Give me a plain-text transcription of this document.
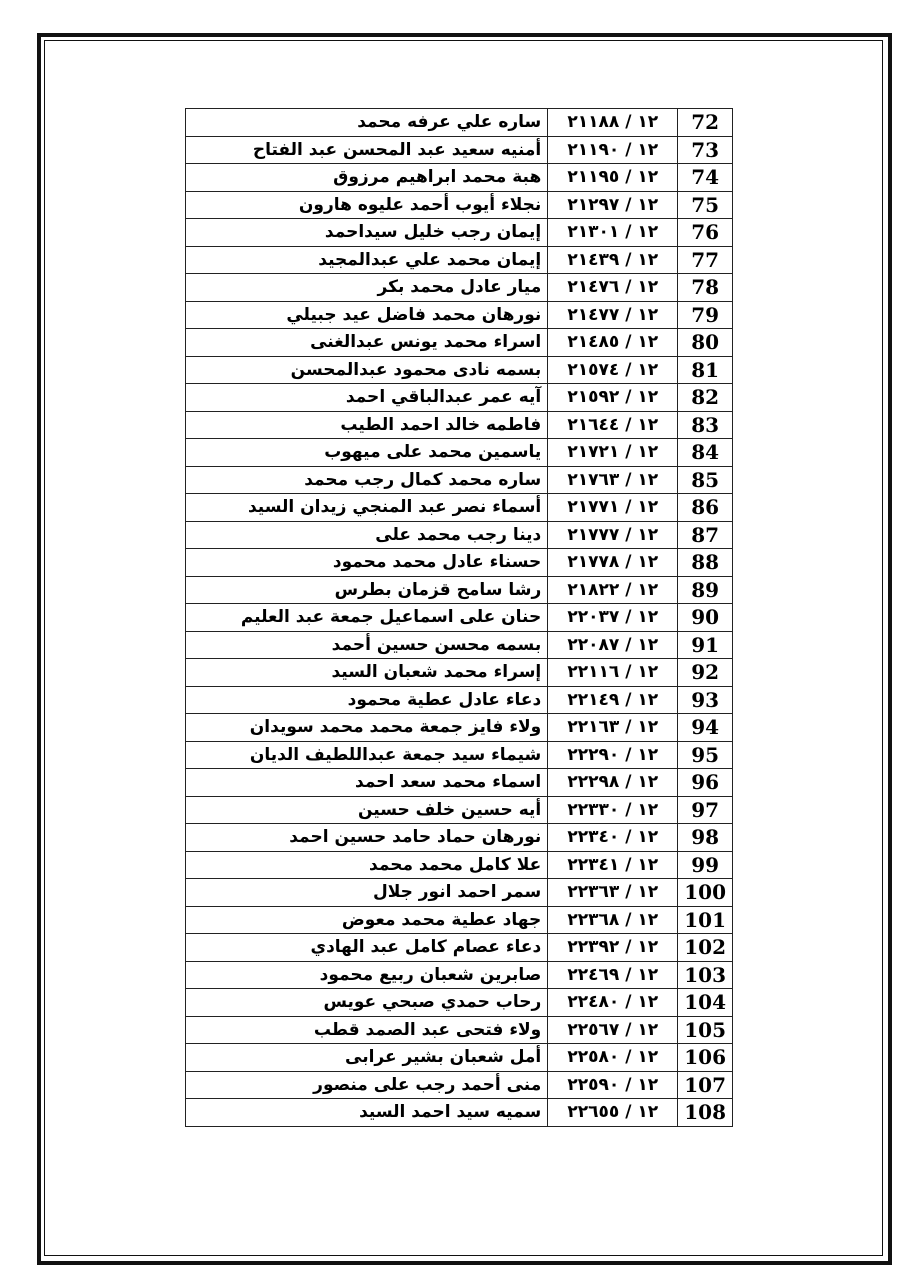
72	١٢ / ٢١١٨٨	ساره علي عرفه محمد
73	١٢ / ٢١١٩٠	أمنيه سعيد عبد المحسن عبد الفتاح
74	١٢ / ٢١١٩٥	هبة محمد ابراهيم مرزوق
75	١٢ / ٢١٢٩٧	نجلاء أيوب أحمد عليوه هارون
76	١٢ / ٢١٣٠١	إيمان رجب خليل سيداحمد
77	١٢ / ٢١٤٣٩	إيمان محمد علي عبدالمجيد
78	١٢ / ٢١٤٧٦	ميار عادل محمد بكر
79	١٢ / ٢١٤٧٧	نورهان محمد فاضل عيد جبيلي
80	١٢ / ٢١٤٨٥	اسراء محمد يونس عبدالغنى
81	١٢ / ٢١٥٧٤	بسمه نادى محمود عبدالمحسن
82	١٢ / ٢١٥٩٢	آيه عمر عبدالباقي احمد
83	١٢ / ٢١٦٤٤	فاطمه خالد احمد الطيب
84	١٢ / ٢١٧٢١	ياسمين محمد على ميهوب
85	١٢ / ٢١٧٦٣	ساره محمد كمال رجب محمد
86	١٢ / ٢١٧٧١	أسماء نصر عبد المنجي زيدان السيد
87	١٢ / ٢١٧٧٧	دينا رجب محمد على
88	١٢ / ٢١٧٧٨	حسناء عادل محمد محمود
89	١٢ / ٢١٨٢٢	رشا سامح قزمان بطرس
90	١٢ / ٢٢٠٣٧	حنان على اسماعيل جمعة عبد العليم
91	١٢ / ٢٢٠٨٧	بسمه محسن حسين أحمد
92	١٢ / ٢٢١١٦	إسراء محمد شعبان السيد
93	١٢ / ٢٢١٤٩	دعاء عادل عطية محمود
94	١٢ / ٢٢١٦٣	ولاء فايز جمعة محمد محمد سويدان
95	١٢ / ٢٢٢٩٠	شيماء سيد جمعة عبداللطيف الديان
96	١٢ / ٢٢٢٩٨	اسماء محمد سعد احمد
97	١٢ / ٢٢٣٣٠	أيه حسين خلف حسين
98	١٢ / ٢٢٣٤٠	نورهان حماد حامد حسين احمد
99	١٢ / ٢٢٣٤١	علا كامل محمد محمد
100	١٢ / ٢٢٣٦٣	سمر احمد انور جلال
101	١٢ / ٢٢٣٦٨	جهاد عطية محمد معوض
102	١٢ / ٢٢٣٩٢	دعاء عصام كامل عبد الهادي
103	١٢ / ٢٢٤٦٩	صابرين شعبان ربيع محمود
104	١٢ / ٢٢٤٨٠	رحاب حمدي صبحي عويس
105	١٢ / ٢٢٥٦٧	ولاء فتحى عبد الصمد قطب
106	١٢ / ٢٢٥٨٠	أمل شعبان بشير عرابى
107	١٢ / ٢٢٥٩٠	منى أحمد رجب على منصور
108	١٢ / ٢٢٦٥٥	سميه سيد احمد السيد
